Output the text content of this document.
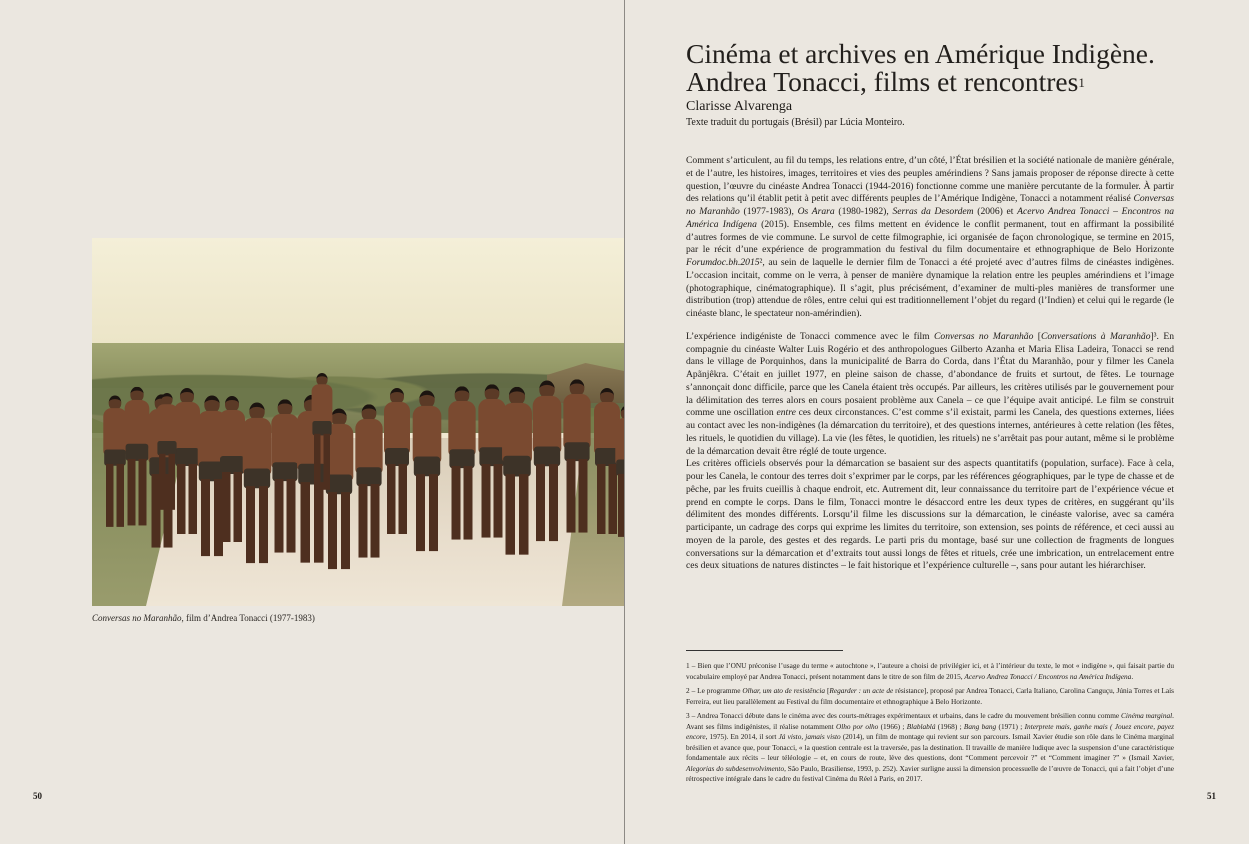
Conversas no Maranhão, film d’Andrea Tonacci (1977-1983)
50
Cinéma et archives en Amérique Indigène.
Andrea Tonacci, films et rencontres$^1$
Clarisse Alvarenga
Texte traduit du portugais (Brésil) par Lúcia Monteiro.

Comment s’articulent, au fil du temps, les relations entre, d’un côté, l’État brésilien et la société nationale de manière générale, et de l’autre, les histoires, images, territoires et vies des peuples amérindiens ? Sans jamais proposer de réponse directe à cette question, l’œuvre du cinéaste Andrea Tonacci (1944-2016) fonctionne comme une manière percutante de la formuler. À partir des relations qu’il établit petit à petit avec différents peuples de l’Amérique Indigène, Tonacci a notamment réalisé Conversas no Maranhão (1977-1983), Os Arara (1980-1982), Serras da Desordem (2006) et Acervo Andrea Tonacci – Encontros na América Indígena (2015). Ensemble, ces films mettent en évidence le conflit permanent, tout en affirmant la possibilité d’autres formes de vie commune. Le survol de cette filmographie, ici organisée de façon chronologique, se termine en 2015, par le récit d’une expérience de programmation du festival du film documentaire et ethnographique de Belo Horizonte Forumdoc.bh.2015², au sein de laquelle le dernier film de Tonacci a été projeté avec d’autres films de cinéastes indigènes. L’occasion incitait, comme on le verra, à penser de manière dynamique la relation entre les peuples amérindiens et l’image (photographique, cinématographique). Il s’agit, plus précisément, d’examiner de multi-ples manières de transformer une distribution (trop) attendue de rôles, entre celui qui est traditionnellement l’objet du regard (l’Indien) et celui qui le regarde (le cinéaste blanc, le spectateur non-amérindien).

L’expérience indigéniste de Tonacci commence avec le film Conversas no Maranhão [Conversations à Maranhão]³. En compagnie du cinéaste Walter Luis Rogério et des anthropologues Gilberto Azanha et Maria Elisa Ladeira, Tonacci se rend dans le village de Porquinhos, dans la municipalité de Barra do Corda, dans l’État du Maranhão, pour y filmer les Canela Apãnjêkra. C’était en juillet 1977, en pleine saison de chasse, d’abondance de fruits et surtout, de fêtes. Le tournage s’annonçait donc difficile, parce que les Canela étaient très occupés. Par ailleurs, les critères utilisés par le gouvernement pour la délimitation des terres alors en cours posaient problème aux Canela – ce que l’équipe avait anticipé. Le film se construit comme une oscillation entre ces deux circonstances. C’est comme s’il existait, parmi les Canela, des questions externes, liées au contact avec les non-indigènes (la démarcation du territoire), et des questions internes, antérieures à cette relation (les fêtes, les rituels, le quotidien du village). La vie (les fêtes, le quotidien, les rituels) ne s’arrêtait pas pour autant, même si le problème de la démarcation devait être réglé de toute urgence.

Les critères officiels observés pour la démarcation se basaient sur des aspects quantitatifs (population, surface). Face à cela, pour les Canela, le contour des terres doit s’exprimer par le corps, par les références géographiques, par le type de chasse et de pêche, par les fruits cueillis à chaque endroit, etc. Autrement dit, leur connaissance du territoire part de l’expérience vécue et prend en compte le corps. Dans le film, Tonacci montre le désaccord entre les deux types de critères, en suggérant qu’ils délimitent des mondes différents. Lorsqu’il filme les discussions sur la démarcation, le cinéaste valorise, avec sa caméra participante, un cadrage des corps qui exprime les limites du territoire, son extension, ses points de référence, et ceci aussi au moyen de la parole, des gestes et des regards. Le parti pris du montage, basé sur une collection de fragments de longues conversations sur la démarcation et d’extraits tout aussi longs de fêtes et rituels, crée une imbrication, un entrelacement entre ces deux situations de natures distinctes – le fait historique et l’expérience culturelle –, sans pour autant les hiérarchiser.

1 – Bien que l’ONU préconise l’usage du terme « autochtone », l’auteure a choisi de privilégier ici, et à l’intérieur du texte, le mot « indigène », qui faisait partie du vocabulaire employé par Andrea Tonacci, présent notamment dans le titre de son film de 2015, Acervo Andrea Tonacci / Encontros na América Indígena.

2 – Le programme Olhar, um ato de resistência [Regarder : un acte de résistance], proposé par Andrea Tonacci, Carla Italiano, Carolina Canguçu, Júnia Torres et Laís Ferreira, eut lieu parallèlement au Festival du film documentaire et ethnographique à Belo Horizonte.

3 – Andrea Tonacci débute dans le cinéma avec des courts-métrages expérimentaux et urbains, dans le cadre du mouvement brésilien connu comme Cinéma marginal. Avant ses films indigénistes, il réalise notamment Olho por olho (1966) ; Blablablá (1968) ; Bang bang (1971) ; Interprete mais, ganhe mais ( Jouez encore, payez encore, 1975). En 2014, il sort Já visto, jamais visto (2014), un film de montage qui revient sur son parcours. Ismail Xavier étudie son rôle dans le Cinéma marginal brésilien et avance que, pour Tonacci, « la question centrale est la traversée, pas la destination. Il travaille de manière ludique avec la suspension d’une caractéristique fondamentale aux récits – leur téléologie – et, en cours de route, lève des questions, dont “Comment percevoir ?” et “Comment imaginer ?” » (Ismail Xavier, Alegorias do subdesenvolvimento, São Paulo, Brasiliense, 1993, p. 252). Xavier surligne aussi la dimension processuelle de l’œuvre de Tonacci, qui a fait l’objet d’une rétrospective intégrale dans le cadre du festival Cinéma du Réel à Paris, en 2017.

51
